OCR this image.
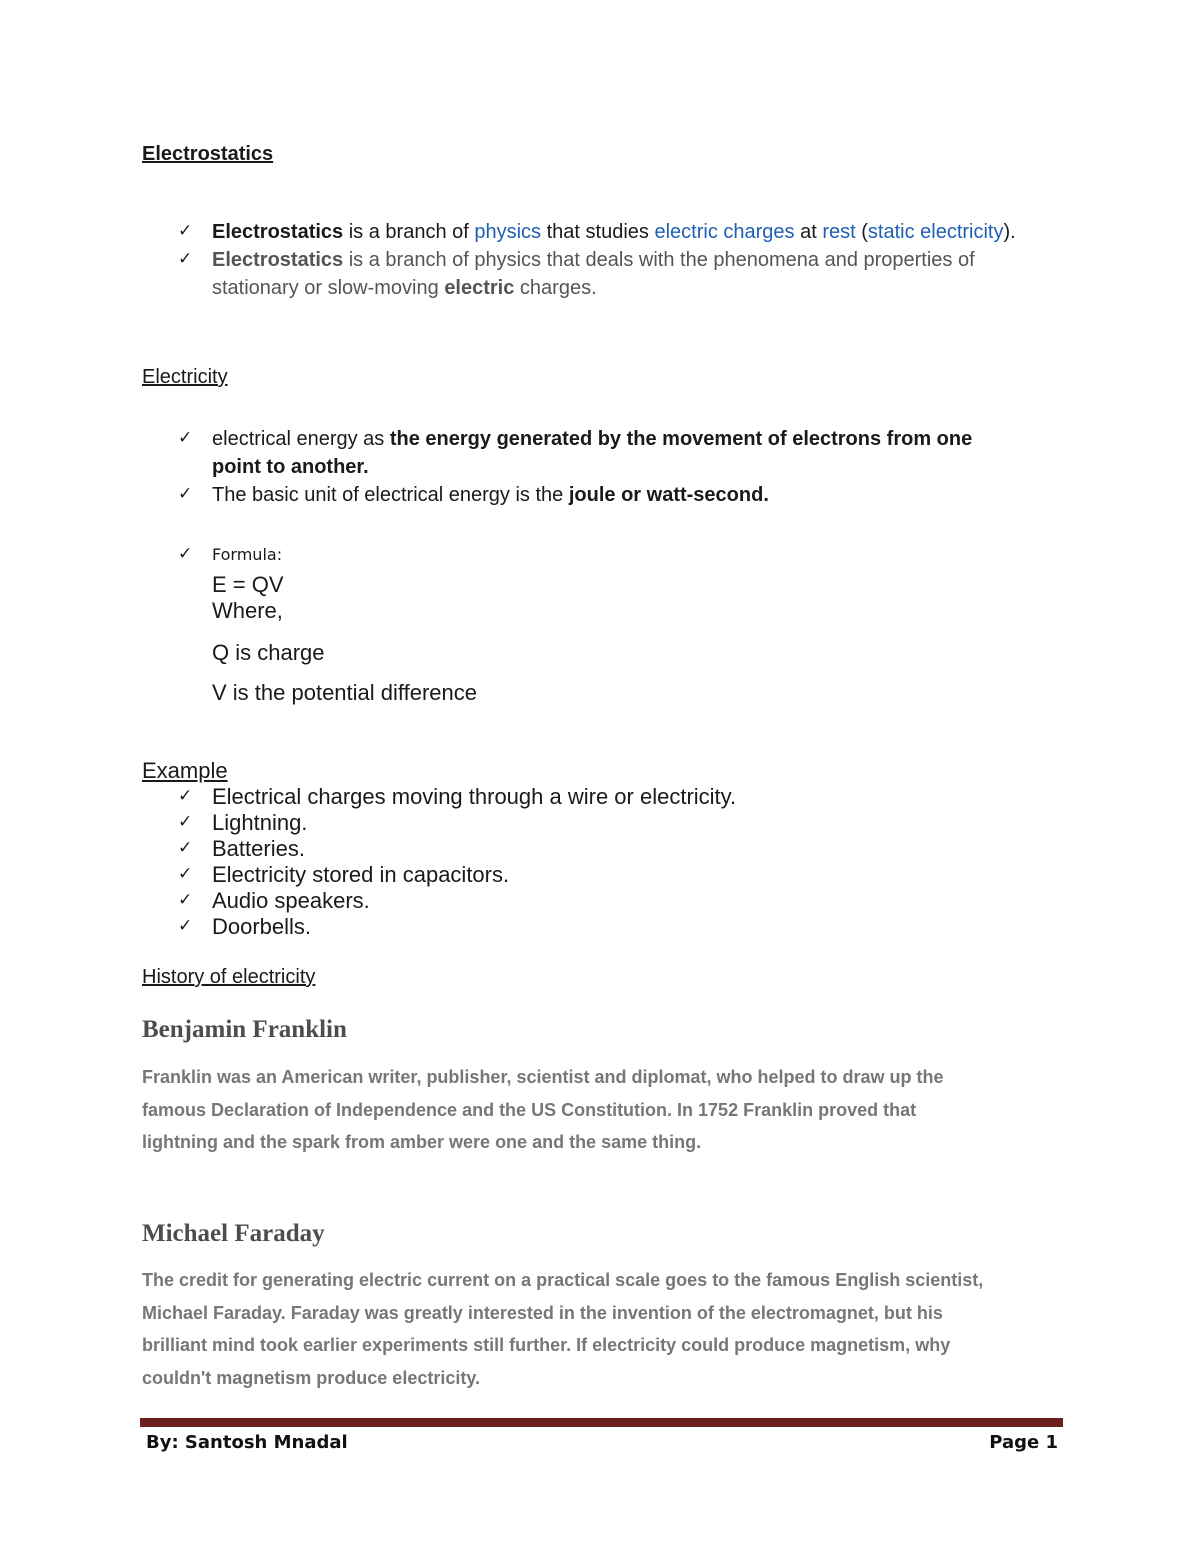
Electrostatics
✓ Electrostatics is a branch of physics that studies electric charges at rest (static electricity).
✓ Electrostatics is a branch of physics that deals with the phenomena and properties of
stationary or slow-moving electric charges.
Electricity
✓ electrical energy as the energy generated by the movement of electrons from one
point to another.
✓ The basic unit of electrical energy is the joule or watt-second.
✓ Formula:
E = QV
Where,
Q is charge
V is the potential difference
Example
✓ Electrical charges moving through a wire or electricity.
✓ Lightning.
✓ Batteries.
✓ Electricity stored in capacitors.
✓ Audio speakers.
✓ Doorbells.
History of electricity
Benjamin Franklin
Franklin was an American writer, publisher, scientist and diplomat, who helped to draw up the
famous Declaration of Independence and the US Constitution. In 1752 Franklin proved that
lightning and the spark from amber were one and the same thing.
Michael Faraday
The credit for generating electric current on a practical scale goes to the famous English scientist,
Michael Faraday. Faraday was greatly interested in the invention of the electromagnet, but his
brilliant mind took earlier experiments still further. If electricity could produce magnetism, why
couldn't magnetism produce electricity.
By: Santosh Mnadal	Page 1
